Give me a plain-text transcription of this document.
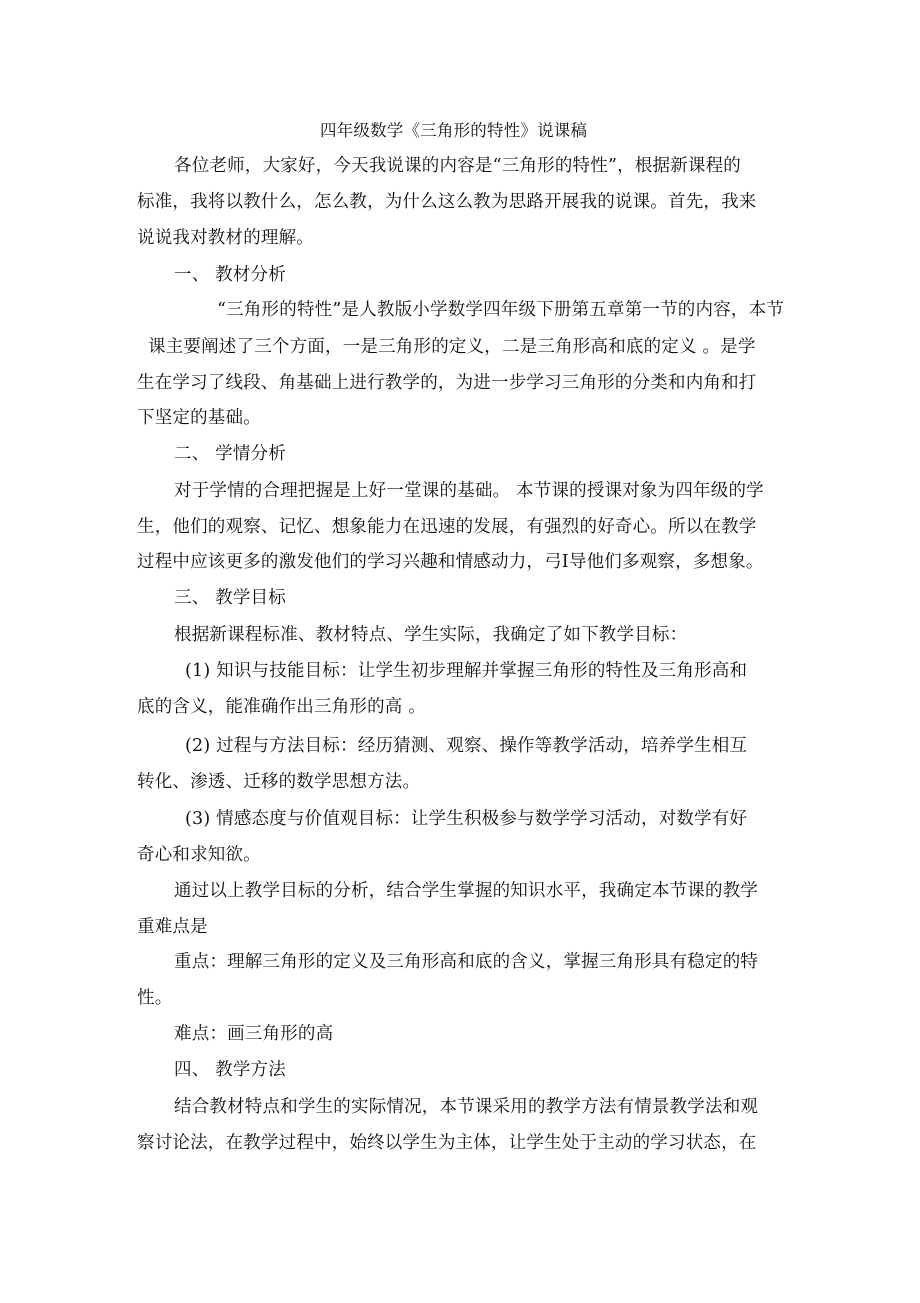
四年级数学《三角形的特性》说课稿
各位老师，大家好，今天我说课的内容是“三角形的特性”，根据新课程的
标准，我将以教什么，怎么教，为什么这么教为思路开展我的说课。首先，我来
说说我对教材的理解。
一、 教材分析
“三角形的特性”是人教版小学数学四年级下册第五章第一节的内容，本节
课主要阐述了三个方面，一是三角形的定义，二是三角形高和底的定义 。是学
生在学习了线段、角基础上进行教学的，为进一步学习三角形的分类和内角和打
下坚定的基础。
二、 学情分析
对于学情的合理把握是上好一堂课的基础。 本节课的授课对象为四年级的学
生，他们的观察、记忆、想象能力在迅速的发展，有强烈的好奇心。所以在教学
过程中应该更多的激发他们的学习兴趣和情感动力，弓I导他们多观察，多想象。
三、 教学目标
根据新课程标准、教材特点、学生实际，我确定了如下教学目标：
(1) 知识与技能目标：让学生初步理解并掌握三角形的特性及三角形高和
底的含义，能准确作出三角形的高 。
(2) 过程与方法目标：经历猜测、观察、操作等教学活动，培养学生相互
转化、渗透、迁移的数学思想方法。
(3) 情感态度与价值观目标：让学生积极参与数学学习活动，对数学有好
奇心和求知欲。
通过以上教学目标的分析，结合学生掌握的知识水平，我确定本节课的教学
重难点是
重点：理解三角形的定义及三角形高和底的含义，掌握三角形具有稳定的特
性。
难点：画三角形的高
四、 教学方法
结合教材特点和学生的实际情况，本节课采用的教学方法有情景教学法和观
察讨论法，在教学过程中，始终以学生为主体，让学生处于主动的学习状态，在
